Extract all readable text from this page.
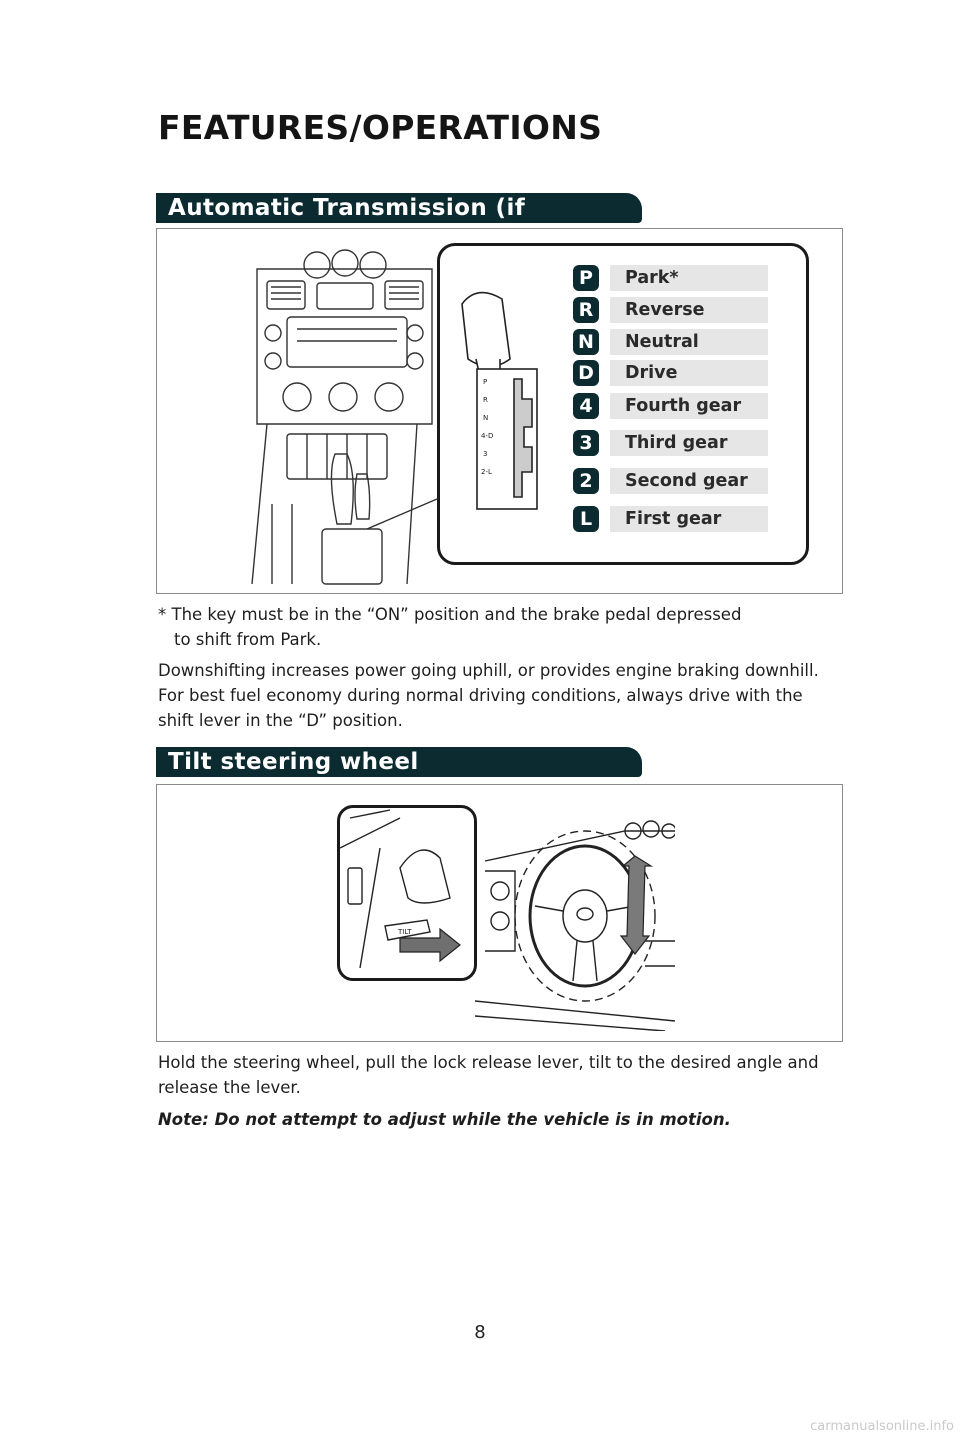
FEATURES/OPERATIONS
Automatic Transmission (if
P
R
N
4-D
3
2-L
P	Park*
R	Reverse
N	Neutral
D	Drive
4	Fourth gear
3	Third gear
2	Second gear
L	First gear
* The key must be in the “ON” position and the brake pedal depressed
to shift from Park.
Downshifting increases power going uphill, or provides engine braking downhill. For best fuel economy during normal driving conditions, always drive with the shift lever in the “D” position.
Tilt steering wheel
TILT
Hold the steering wheel, pull the lock release lever, tilt to the desired angle and release the lever.
Note: Do not attempt to adjust while the vehicle is in motion.
8
carmanualsonline.info
